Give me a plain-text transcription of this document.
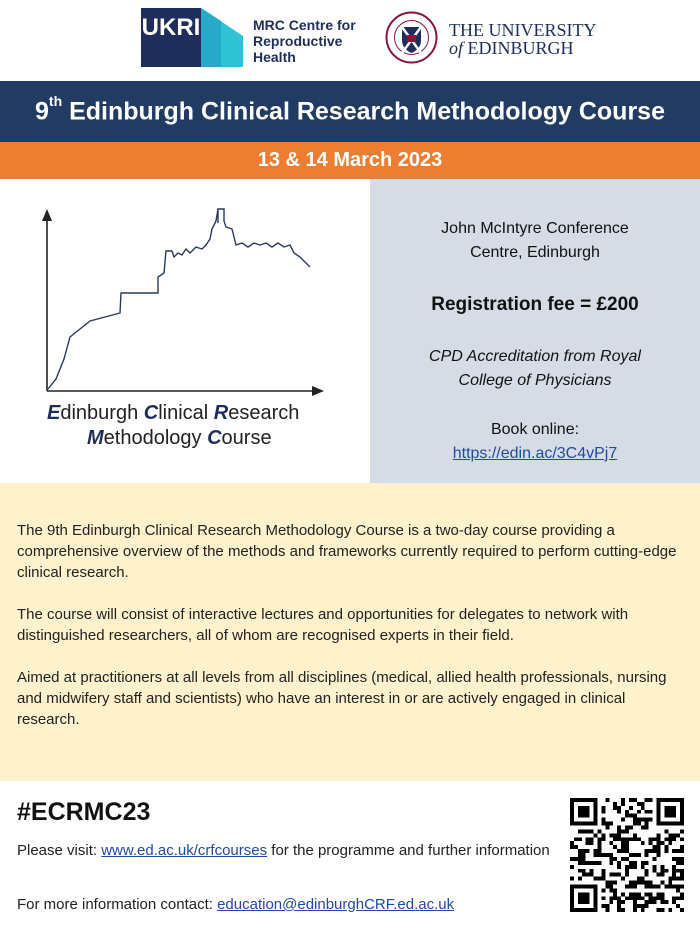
UKRI	MRC Centre for
Reproductive
Health
THE UNIVERSITY
of EDINBURGH
9th Edinburgh Clinical Research Methodology Course
13 & 14 March 2023
Edinburgh Clinical Research
Methodology Course
John McIntyre Conference
Centre, Edinburgh
Registration fee = £200
CPD Accreditation from Royal
College of Physicians
Book online:
https://edin.ac/3C4vPj7

The 9th Edinburgh Clinical Research Methodology Course is a two-day course providing a comprehensive overview of the methods and frameworks currently required to perform cutting-edge clinical research.

The course will consist of interactive lectures and opportunities for delegates to network with distinguished researchers, all of whom are recognised experts in their field.

Aimed at practitioners at all levels from all disciplines (medical, allied health professionals, nursing and midwifery staff and scientists) who have an interest in or are actively engaged in clinical research.

#ECRMC23
Please visit: www.ed.ac.uk/crfcourses for the programme and further information
For more information contact: education@edinburghCRF.ed.ac.uk
